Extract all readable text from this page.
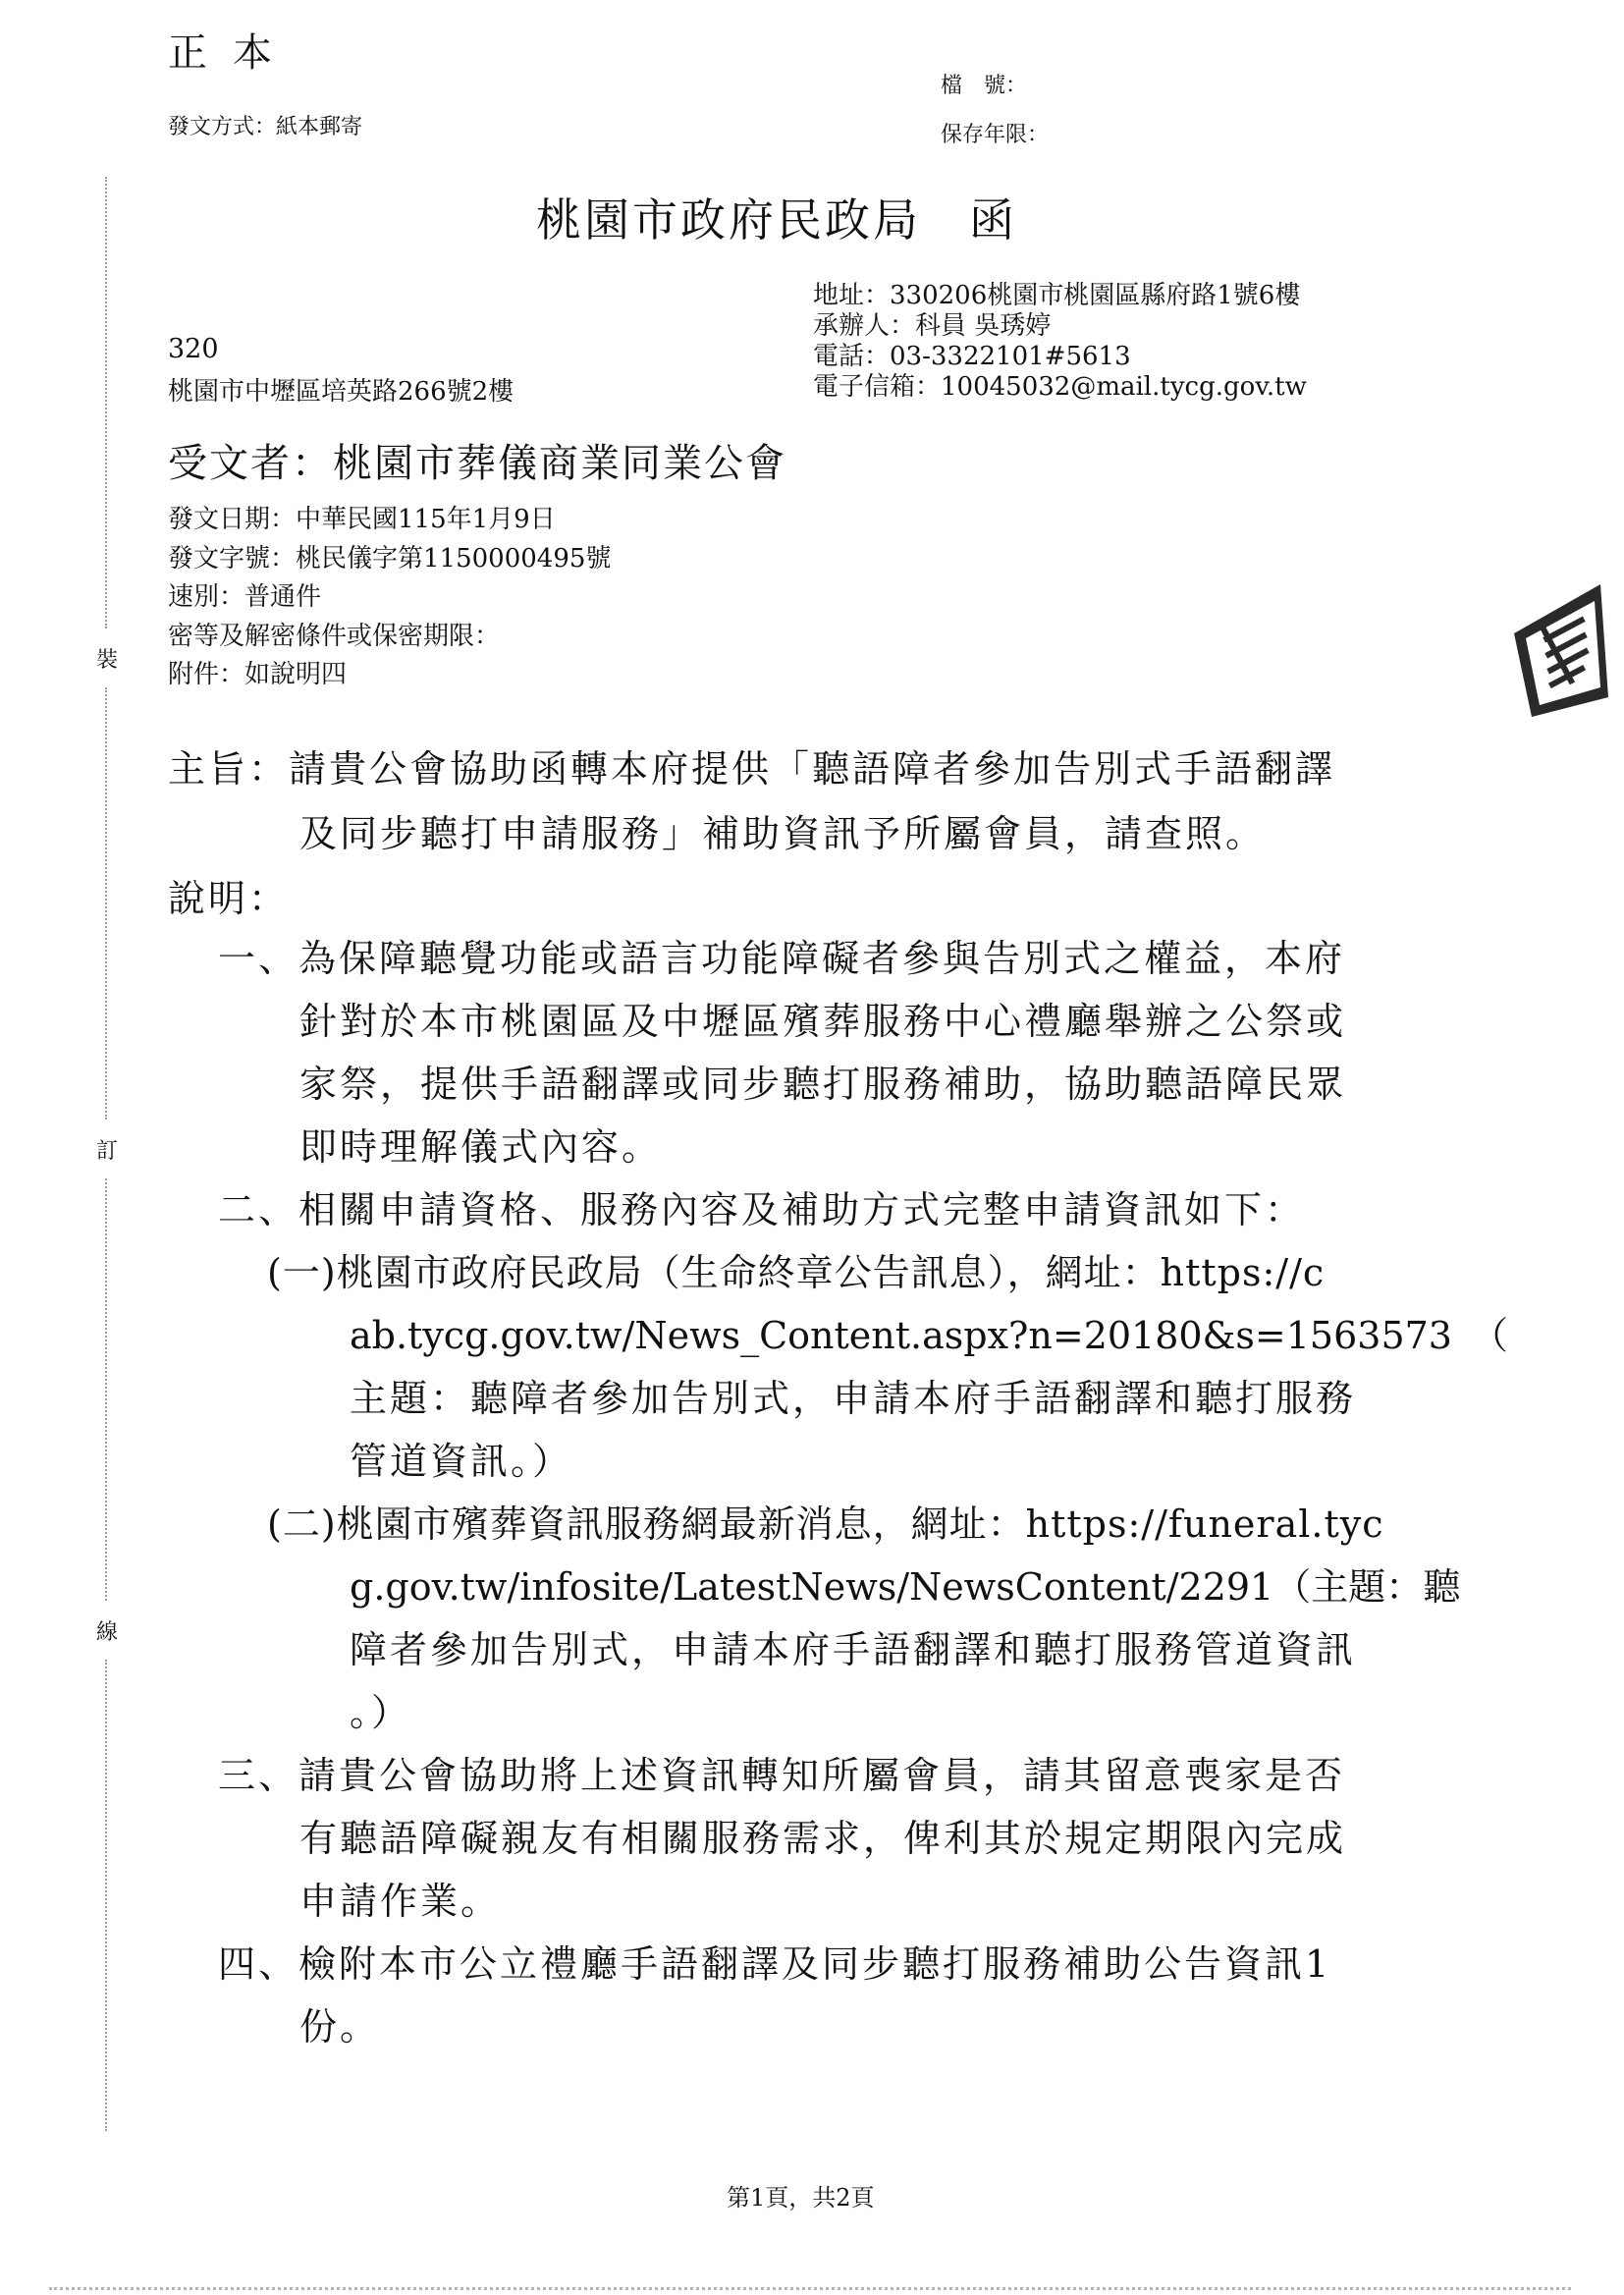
正本
發文方式：紙本郵寄
檔　號：
保存年限：
桃園市政府民政局　函
地址：330206桃園市桃園區縣府路1號6樓
承辦人：科員 吳琇婷
電話：03-3322101#5613
電子信箱：10045032@mail.tycg.gov.tw
320
桃園市中壢區培英路266號2樓
受文者：桃園市葬儀商業同業公會
發文日期：中華民國115年1月9日
發文字號：桃民儀字第1150000495號
速別：普通件
密等及解密條件或保密期限：
附件：如說明四
主旨：請貴公會協助函轉本府提供「聽語障者參加告別式手語翻譯
及同步聽打申請服務」補助資訊予所屬會員，請查照。
說明：
一、為保障聽覺功能或語言功能障礙者參與告別式之權益，本府
針對於本市桃園區及中壢區殯葬服務中心禮廳舉辦之公祭或
家祭，提供手語翻譯或同步聽打服務補助，協助聽語障民眾
即時理解儀式內容。
二、相關申請資格、服務內容及補助方式完整申請資訊如下：
(一)桃園市政府民政局（生命終章公告訊息），網址：https://c
ab.tycg.gov.tw/News_Content.aspx?n=20180&s=1563573　（
主題：聽障者參加告別式，申請本府手語翻譯和聽打服務
管道資訊。）
(二)桃園市殯葬資訊服務網最新消息，網址：https://funeral.tyc
g.gov.tw/infosite/LatestNews/NewsContent/2291（主題：聽
障者參加告別式，申請本府手語翻譯和聽打服務管道資訊
。）
三、請貴公會協助將上述資訊轉知所屬會員，請其留意喪家是否
有聽語障礙親友有相關服務需求，俾利其於規定期限內完成
申請作業。
四、檢附本市公立禮廳手語翻譯及同步聽打服務補助公告資訊1
份。
裝
訂
線
第1頁，共2頁
